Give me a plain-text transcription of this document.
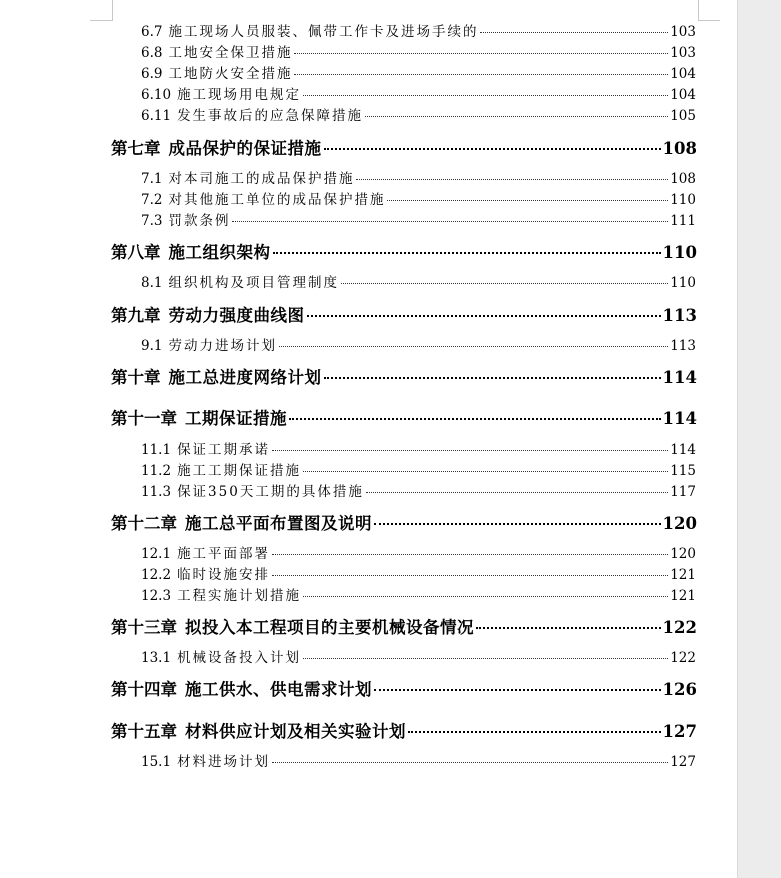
6.7 施工现场人员服装、佩带工作卡及进场手续的	103
6.8 工地安全保卫措施	103
6.9 工地防火安全措施	104
6.10 施工现场用电规定	104
6.11 发生事故后的应急保障措施	105
第七章 成品保护的保证措施	108
7.1 对本司施工的成品保护措施	108
7.2 对其他施工单位的成品保护措施	110
7.3 罚款条例	111
第八章 施工组织架构	110
8.1 组织机构及项目管理制度	110
第九章 劳动力强度曲线图	113
9.1 劳动力进场计划	113
第十章 施工总进度网络计划	114
第十一章 工期保证措施	114
11.1 保证工期承诺	114
11.2 施工工期保证措施	115
11.3 保证350天工期的具体措施	117
第十二章 施工总平面布置图及说明	120
12.1 施工平面部署	120
12.2 临时设施安排	121
12.3 工程实施计划措施	121
第十三章 拟投入本工程项目的主要机械设备情况	122
13.1 机械设备投入计划	122
第十四章 施工供水、供电需求计划	126
第十五章 材料供应计划及相关实验计划	127
15.1 材料进场计划	127
